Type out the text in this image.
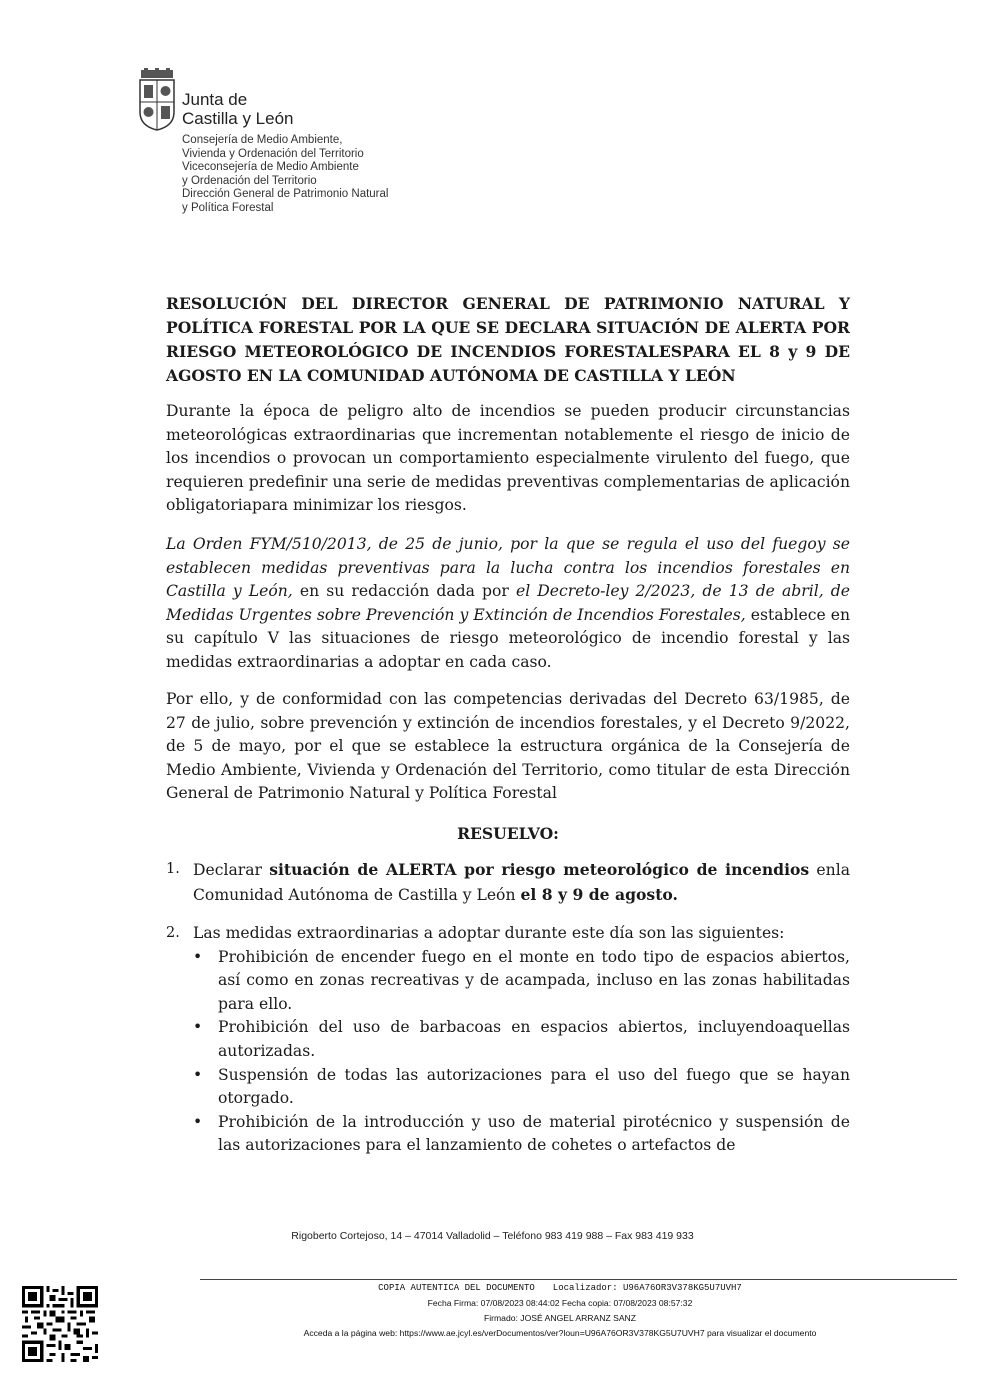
Junta de
Castilla y León
Consejería de Medio Ambiente,
Vivienda y Ordenación del Territorio
Viceconsejería de Medio Ambiente
y Ordenación del Territorio
Dirección General de Patrimonio Natural
y Política Forestal
RESOLUCIÓN DEL DIRECTOR GENERAL DE PATRIMONIO NATURAL Y POLÍTICA FORESTAL POR LA QUE SE DECLARA SITUACIÓN DE ALERTA POR RIESGO METEOROLÓGICO DE INCENDIOS FORESTALESPARA EL 8 y 9 DE AGOSTO EN LA COMUNIDAD AUTÓNOMA DE CASTILLA Y LEÓN

Durante la época de peligro alto de incendios se pueden producir circunstancias meteorológicas extraordinarias que incrementan notablemente el riesgo de inicio de los incendios o provocan un comportamiento especialmente virulento del fuego, que requieren predefinir una serie de medidas preventivas complementarias de aplicación obligatoriapara minimizar los riesgos.

La Orden FYM/510/2013, de 25 de junio, por la que se regula el uso del fuegoy se establecen medidas preventivas para la lucha contra los incendios forestales en Castilla y León, en su redacción dada por el Decreto-ley 2/2023, de 13 de abril, de Medidas Urgentes sobre Prevención y Extinción de Incendios Forestales, establece en su capítulo V las situaciones de riesgo meteorológico de incendio forestal y las medidas extraordinarias a adoptar en cada caso.

Por ello, y de conformidad con las competencias derivadas del Decreto 63/1985, de 27 de julio, sobre prevención y extinción de incendios forestales, y el Decreto 9/2022, de 5 de mayo, por el que se establece la estructura orgánica de la Consejería de Medio Ambiente, Vivienda y Ordenación del Territorio, como titular de esta Dirección General de Patrimonio Natural y Política Forestal

RESUELVO:
1. Declarar situación de ALERTA por riesgo meteorológico de incendios enla Comunidad Autónoma de Castilla y León el 8 y 9 de agosto.
2. Las medidas extraordinarias a adoptar durante este día son las siguientes:
• Prohibición de encender fuego en el monte en todo tipo de espacios abiertos, así como en zonas recreativas y de acampada, incluso en las zonas habilitadas para ello.
• Prohibición del uso de barbacoas en espacios abiertos, incluyendoaquellas autorizadas.
• Suspensión de todas las autorizaciones para el uso del fuego que se hayan otorgado.
• Prohibición de la introducción y uso de material pirotécnico y suspensión de las autorizaciones para el lanzamiento de cohetes o artefactos de
Rigoberto Cortejoso, 14 – 47014 Valladolid – Teléfono 983 419 988 – Fax 983 419 933
COPIA AUTENTICA DEL DOCUMENTO Localizador: U96A76OR3V378KG5U7UVH7
Fecha Firma: 07/08/2023 08:44:02 Fecha copia: 07/08/2023 08:57:32
Firmado: JOSÉ ANGEL ARRANZ SANZ
Acceda a la página web: https://www.ae.jcyl.es/verDocumentos/ver?loun=U96A76OR3V378KG5U7UVH7 para visualizar el documento
